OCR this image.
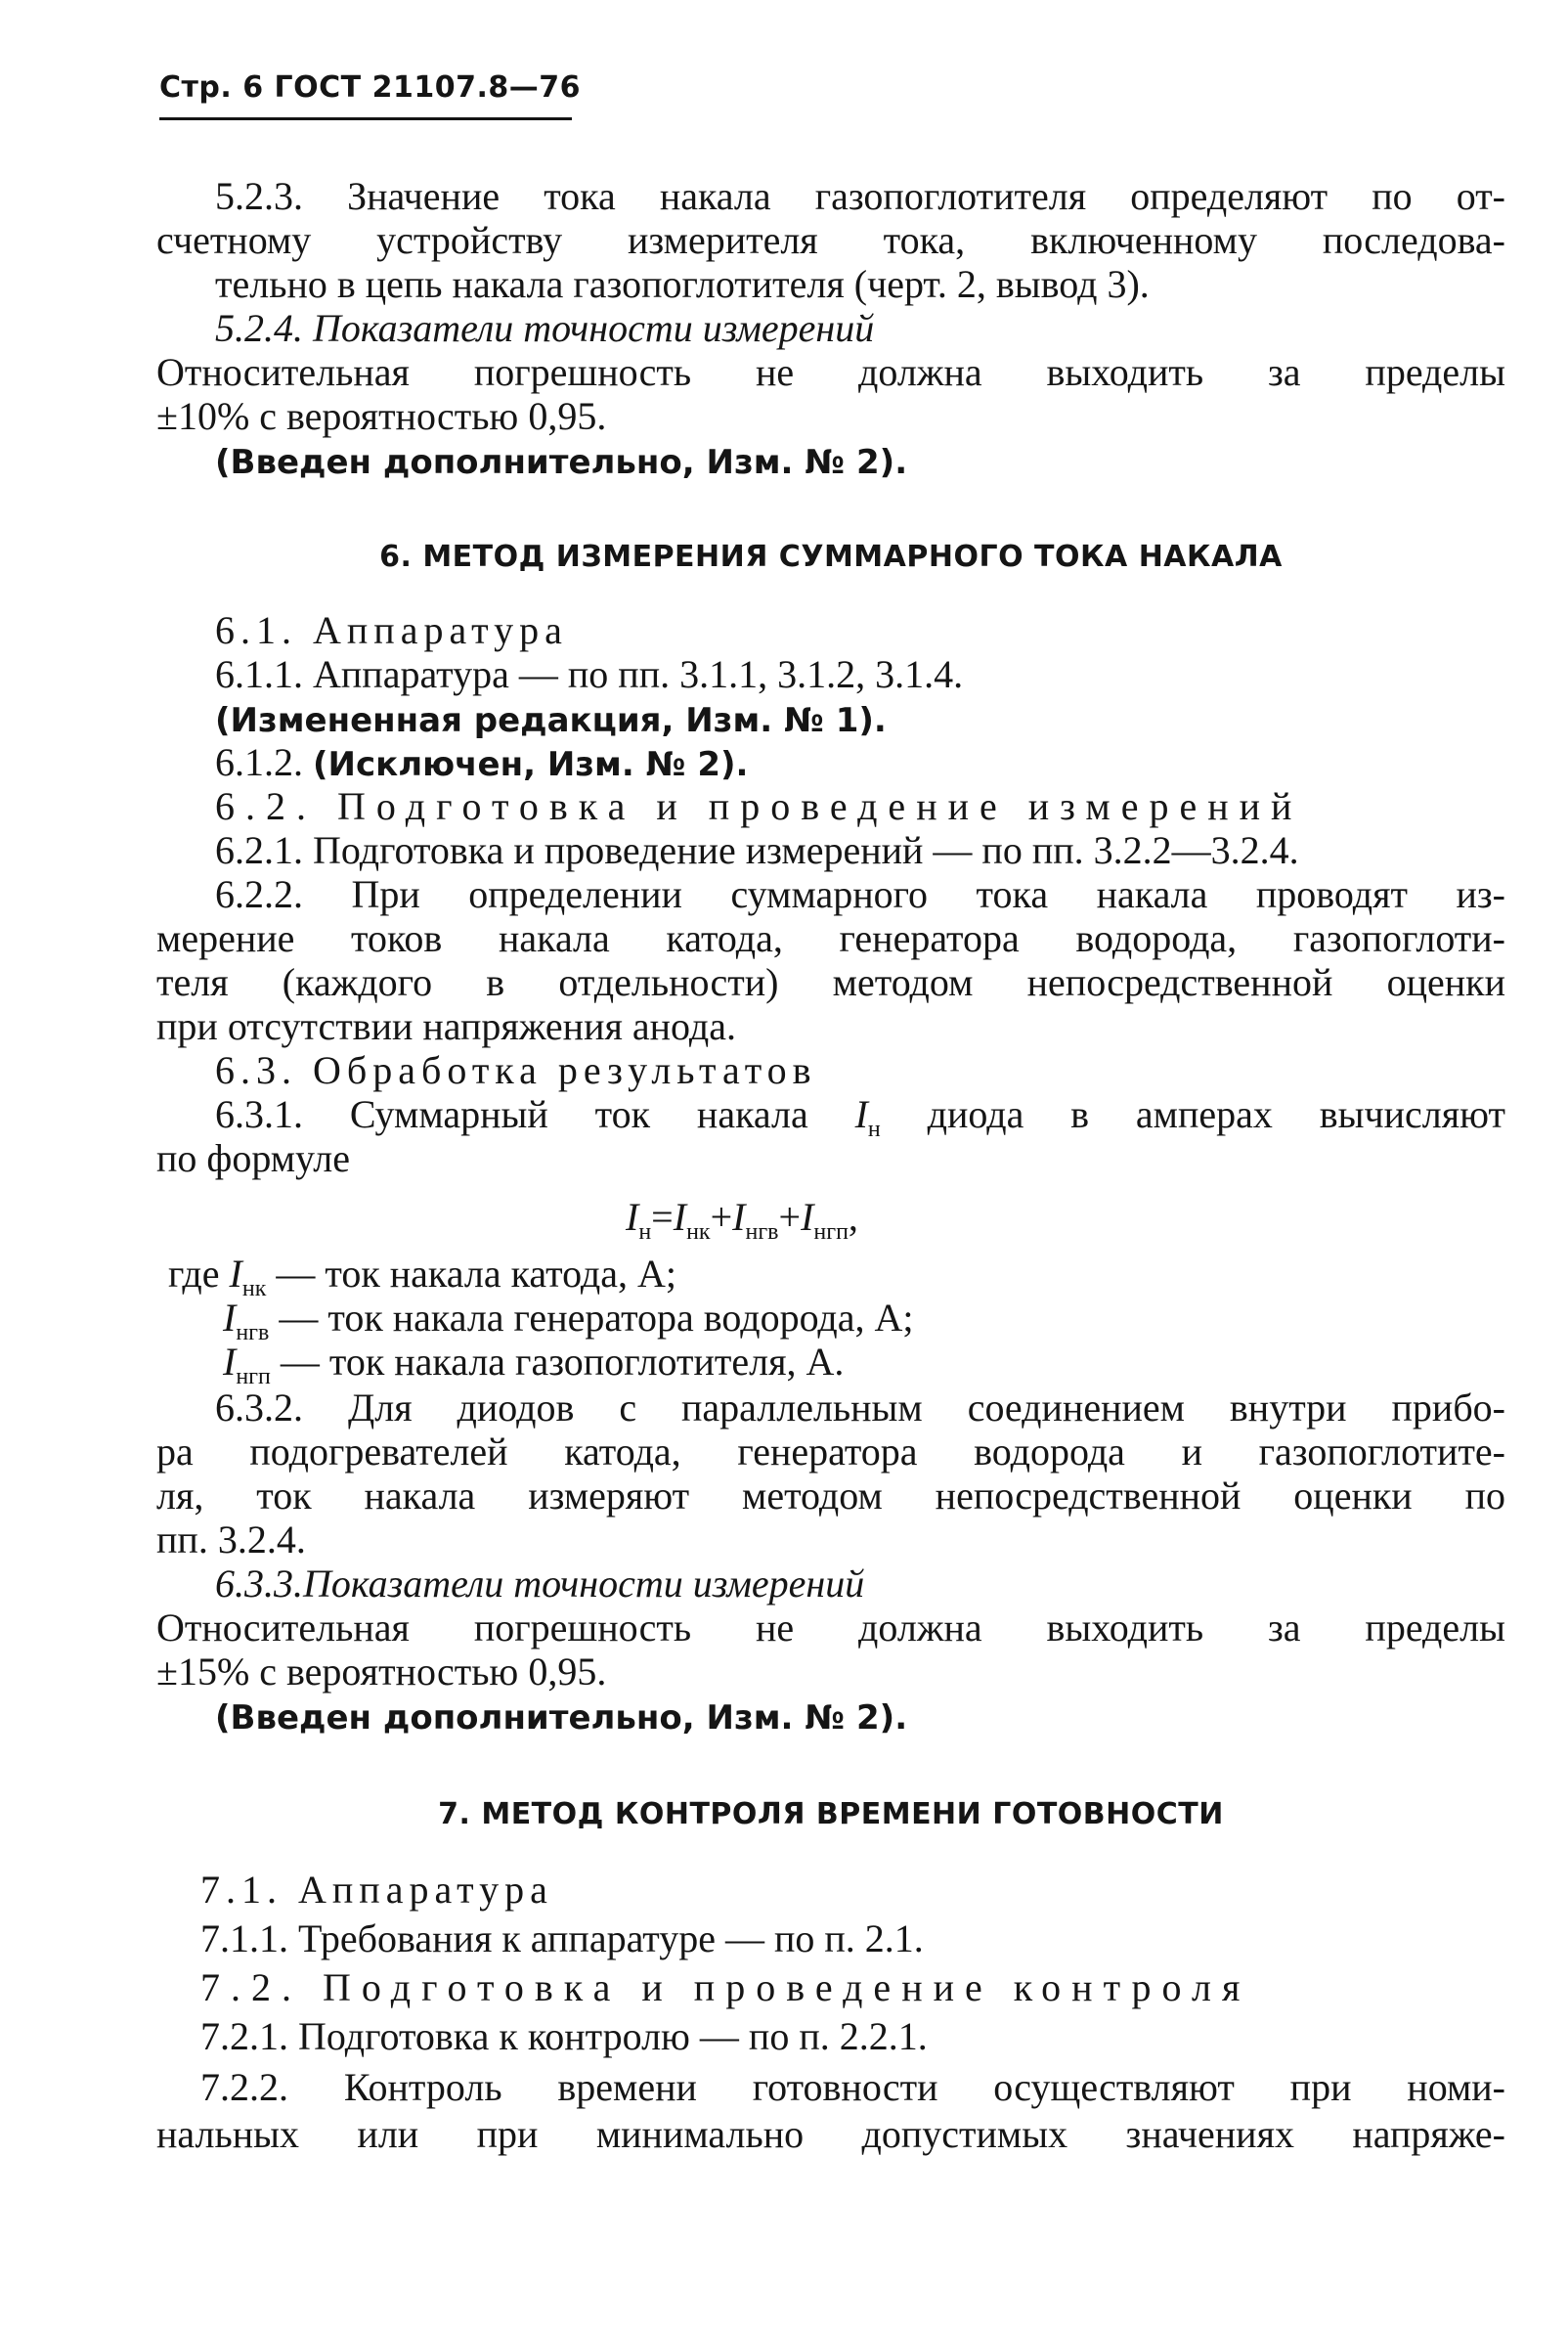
Стр. 6 ГОСТ 21107.8—76
5.2.3. Значение тока накала газопоглотителя определяют по от-
счетному устройству измерителя тока, включенному последова-
тельно в цепь накала газопоглотителя (черт. 2, вывод 3).
5.2.4. Показатели точности измерений
Относительная погрешность не должна выходить за пределы
±10% с вероятностью 0,95.
(Введен дополнительно, Изм. № 2).
6. МЕТОД ИЗМЕРЕНИЯ СУММАРНОГО ТОКА НАКАЛА
6.1. Аппаратура
6.1.1. Аппаратура — по пп. 3.1.1, 3.1.2, 3.1.4.
(Измененная редакция, Изм. № 1).
6.1.2. (Исключен, Изм. № 2).
6.2. Подготовка и проведение измерений
6.2.1. Подготовка и проведение измерений — по пп. 3.2.2—3.2.4.
6.2.2. При определении суммарного тока накала проводят из-
мерение токов накала катода, генератора водорода, газопоглоти-
теля (каждого в отдельности) методом непосредственной оценки
при отсутствии напряжения анода.
6.3. Обработка результатов
6.3.1. Суммарный ток накала $I_н$ диода в амперах вычисляют
по формуле
$I_н=I_{нк}+I_{нгв}+I_{нгп}$,
где $I_{нк}$ — ток накала катода, А;
$I_{нгв}$ — ток накала генератора водорода, А;
$I_{нгп}$ — ток накала газопоглотителя, А.
6.3.2. Для диодов с параллельным соединением внутри прибо-
ра подогревателей катода, генератора водорода и газопоглотите-
ля, ток накала измеряют методом непосредственной оценки по
пп. 3.2.4.
6.3.3.Показатели точности измерений
Относительная погрешность не должна выходить за пределы
±15% с вероятностью 0,95.
(Введен дополнительно, Изм. № 2).
7. МЕТОД КОНТРОЛЯ ВРЕМЕНИ ГОТОВНОСТИ
7.1. Аппаратура
7.1.1. Требования к аппаратуре — по п. 2.1.
7.2. Подготовка и проведение контроля
7.2.1. Подготовка к контролю — по п. 2.2.1.
7.2.2. Контроль времени готовности осуществляют при номи-
нальных или при минимально допустимых значениях напряже-
